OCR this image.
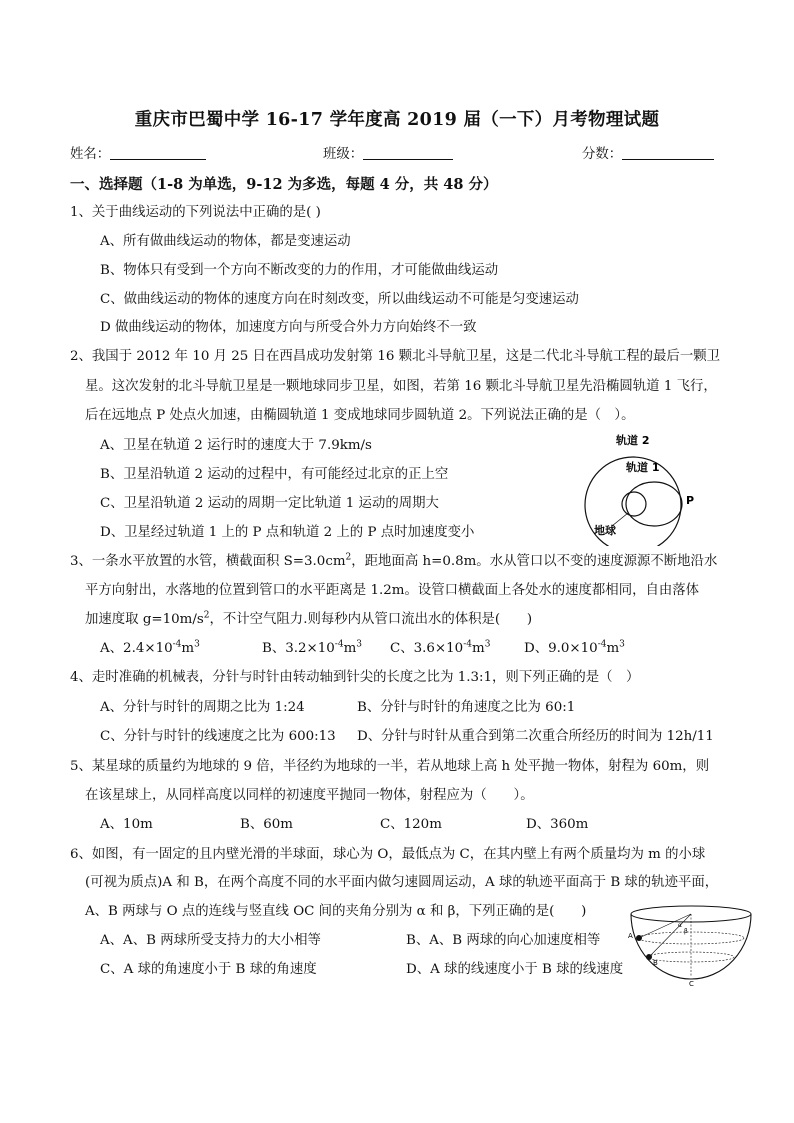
重庆市巴蜀中学 16-17 学年度高 2019 届（一下）月考物理试题
姓名：	班级：	分数：
一、选择题（1-8 为单选，9-12 为多选，每题 4 分，共 48 分）
1、关于曲线运动的下列说法中正确的是( )
A、所有做曲线运动的物体，都是变速运动
B、物体只有受到一个方向不断改变的力的作用，才可能做曲线运动
C、做曲线运动的物体的速度方向在时刻改变，所以曲线运动不可能是匀变速运动
D 做曲线运动的物体，加速度方向与所受合外力方向始终不一致
2、我国于 2012 年 10 月 25 日在西昌成功发射第 16 颗北斗导航卫星，这是二代北斗导航工程的最后一颗卫
星。这次发射的北斗导航卫星是一颗地球同步卫星，如图，若第 16 颗北斗导航卫星先沿椭圆轨道 1 飞行，
后在远地点 P 处点火加速，由椭圆轨道 1 变成地球同步圆轨道 2。下列说法正确的是（　）。
A、卫星在轨道 2 运行时的速度大于 7.9km/s
B、卫星沿轨道 2 运动的过程中，有可能经过北京的正上空
C、卫星沿轨道 2 运动的周期一定比轨道 1 运动的周期大
D、卫星经过轨道 1 上的 P 点和轨道 2 上的 P 点时加速度变小
轨道 2
轨道 1
P
地球
3、一条水平放置的水管，横截面积 $S=3.0cm^2$，距地面高 h=0.8m。水从管口以不变的速度源源不断地沿水
平方向射出，水落地的位置到管口的水平距离是 1.2m。设管口横截面上各处水的速度都相同，自由落体
加速度取 $g=10m/s^2$，不计空气阻力.则每秒内从管口流出水的体积是(　　)
A、$2.4\times 10^{-4}m^3$	B、$3.2\times 10^{-4}m^3$ C、$3.6\times 10^{-4}m^3$	D、$9.0\times 10^{-4}m^3$
4、走时准确的机械表，分针与时针由转动轴到针尖的长度之比为 1.3:1，则下列正确的是（　）
A、分针与时针的周期之比为 1:24	B、分针与时针的角速度之比为 60:1
C、分针与时针的线速度之比为 600:13 D、分针与时针从重合到第二次重合所经历的时间为 12h/11
5、某星球的质量约为地球的 9 倍，半径约为地球的一半，若从地球上高 h 处平抛一物体，射程为 60m，则
在该星球上，从同样高度以同样的初速度平抛同一物体，射程应为（　　）。
A、10m	B、60m	C、120m	D、360m
6、如图，有一固定的且内壁光滑的半球面，球心为 O，最低点为 C，在其内壁上有两个质量均为 m 的小球
(可视为质点)A 和 B，在两个高度不同的水平面内做匀速圆周运动，A 球的轨迹平面高于 B 球的轨迹平面，
A、B 两球与 O 点的连线与竖直线 OC 间的夹角分别为 α 和 β，下列正确的是(　　)
A、A、B 两球所受支持力的大小相等	B、A、B 两球的向心加速度相等
C、A 球的角速度小于 B 球的角速度	D、A 球的线速度小于 B 球的线速度
A
B
C
α
β
